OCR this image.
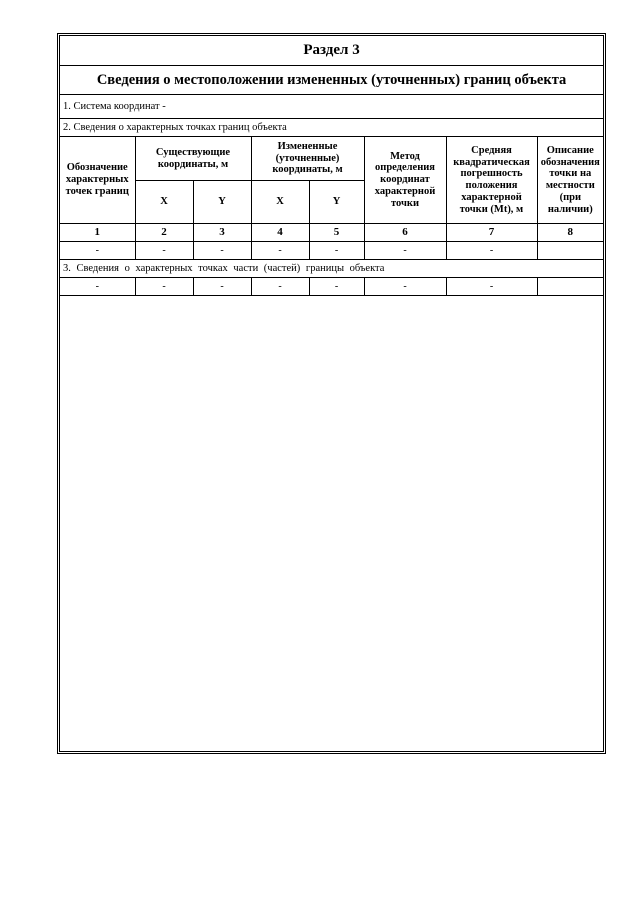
Раздел 3							
Сведения о местоположении измененных (уточненных) границ объекта							
1. Система координат -							
2. Сведения о характерных точках границ объекта							
Обозначение характерных точек границ	Существующие координаты, м		Измененные (уточненные) координаты, м		Метод определения координат характерной точки	Средняя квадратическая погрешность положения характерной точки (Mt), м	Описание обозначения точки на местности (при наличии)
	X	Y	X	Y			
1	2	3	4	5	6	7	8
-	-	-	-	-	-	-	
3. Сведения о характерных точках части (частей) границы объекта							
-	-	-	-	-	-	-	
